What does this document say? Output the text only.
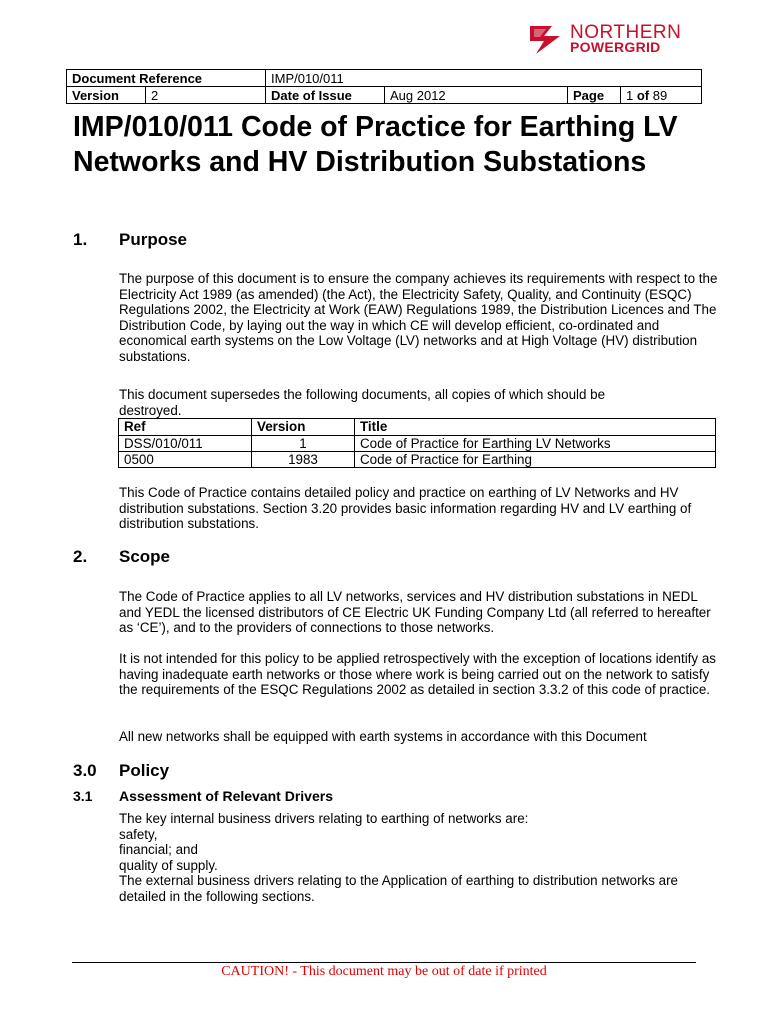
NORTHERN
POWERGRID
Document Reference		IMP/010/011			
Version	2	Date of Issue	Aug 2012	Page	1 of 89
IMP/010/011 Code of Practice for Earthing LV Networks and HV Distribution Substations
1. Purpose
The purpose of this document is to ensure the company achieves its requirements with respect to the Electricity Act 1989 (as amended) (the Act), the Electricity Safety, Quality, and Continuity (ESQC) Regulations 2002, the Electricity at Work (EAW) Regulations 1989, the Distribution Licences and The Distribution Code, by laying out the way in which CE will develop efficient, co-ordinated and economical earth systems on the Low Voltage (LV) networks and at High Voltage (HV) distribution substations.
This document supersedes the following documents, all copies of which should be destroyed.
Ref	Version	Title
DSS/010/011	1	Code of Practice for Earthing LV Networks
0500	1983	Code of Practice for Earthing
This Code of Practice contains detailed policy and practice on earthing of LV Networks and HV distribution substations. Section 3.20 provides basic information regarding HV and LV earthing of distribution substations.
2. Scope
The Code of Practice applies to all LV networks, services and HV distribution substations in NEDL and YEDL the licensed distributors of CE Electric UK Funding Company Ltd (all referred to hereafter as ‘CE’), and to the providers of connections to those networks.
It is not intended for this policy to be applied retrospectively with the exception of locations identify as having inadequate earth networks or those where work is being carried out on the network to satisfy the requirements of the ESQC Regulations 2002 as detailed in section 3.3.2 of this code of practice.
All new networks shall be equipped with earth systems in accordance with this Document
3.0 Policy
3.1 Assessment of Relevant Drivers
The key internal business drivers relating to earthing of networks are:
safety,
financial; and
quality of supply.
The external business drivers relating to the Application of earthing to distribution networks are detailed in the following sections.
CAUTION! - This document may be out of date if printed
